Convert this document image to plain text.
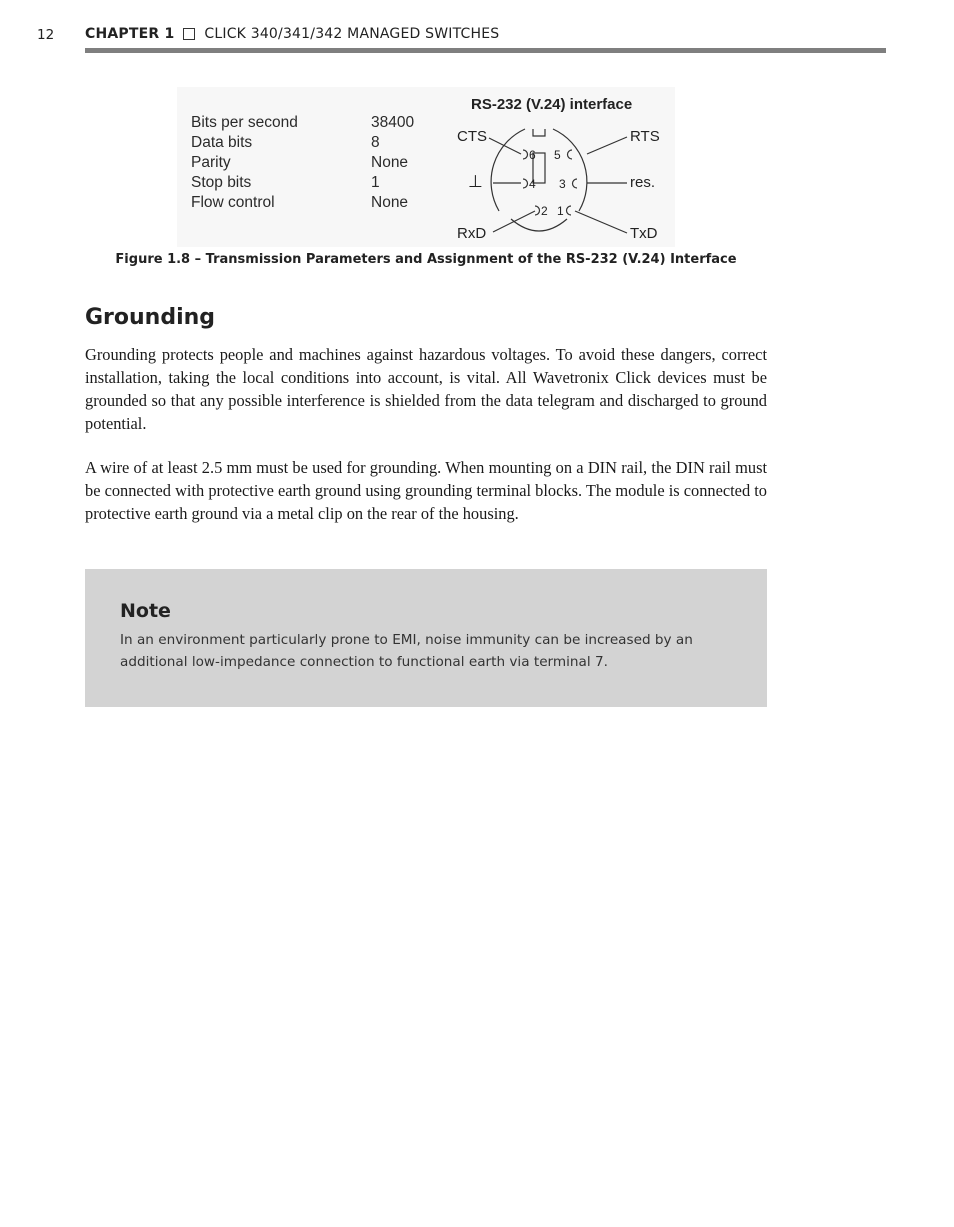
12 CHAPTER 1 CLICK 340/341/342 MANAGED SWITCHES
Bits per second	38400
Data bits	8
Parity	None
Stop bits	1
Flow control	None
RS-232 (V.24) interface
CTS	RTS
⊥	res.
RxD	TxD
6 5
4 3
2 1
Figure 1.8 – Transmission Parameters and Assignment of the RS-232 (V.24) Interface
Grounding

Grounding protects people and machines against hazardous voltages. To avoid these dangers, correct installation, taking the local conditions into account, is vital. All Wavetronix Click devices must be grounded so that any possible interference is shielded from the data telegram and discharged to ground potential.

A wire of at least 2.5 mm must be used for grounding. When mounting on a DIN rail, the DIN rail must be connected with protective earth ground using grounding terminal blocks. The module is connected to protective earth ground via a metal clip on the rear of the housing.

Note

In an environment particularly prone to EMI, noise immunity can be increased by an additional low-impedance connection to functional earth via terminal 7.
